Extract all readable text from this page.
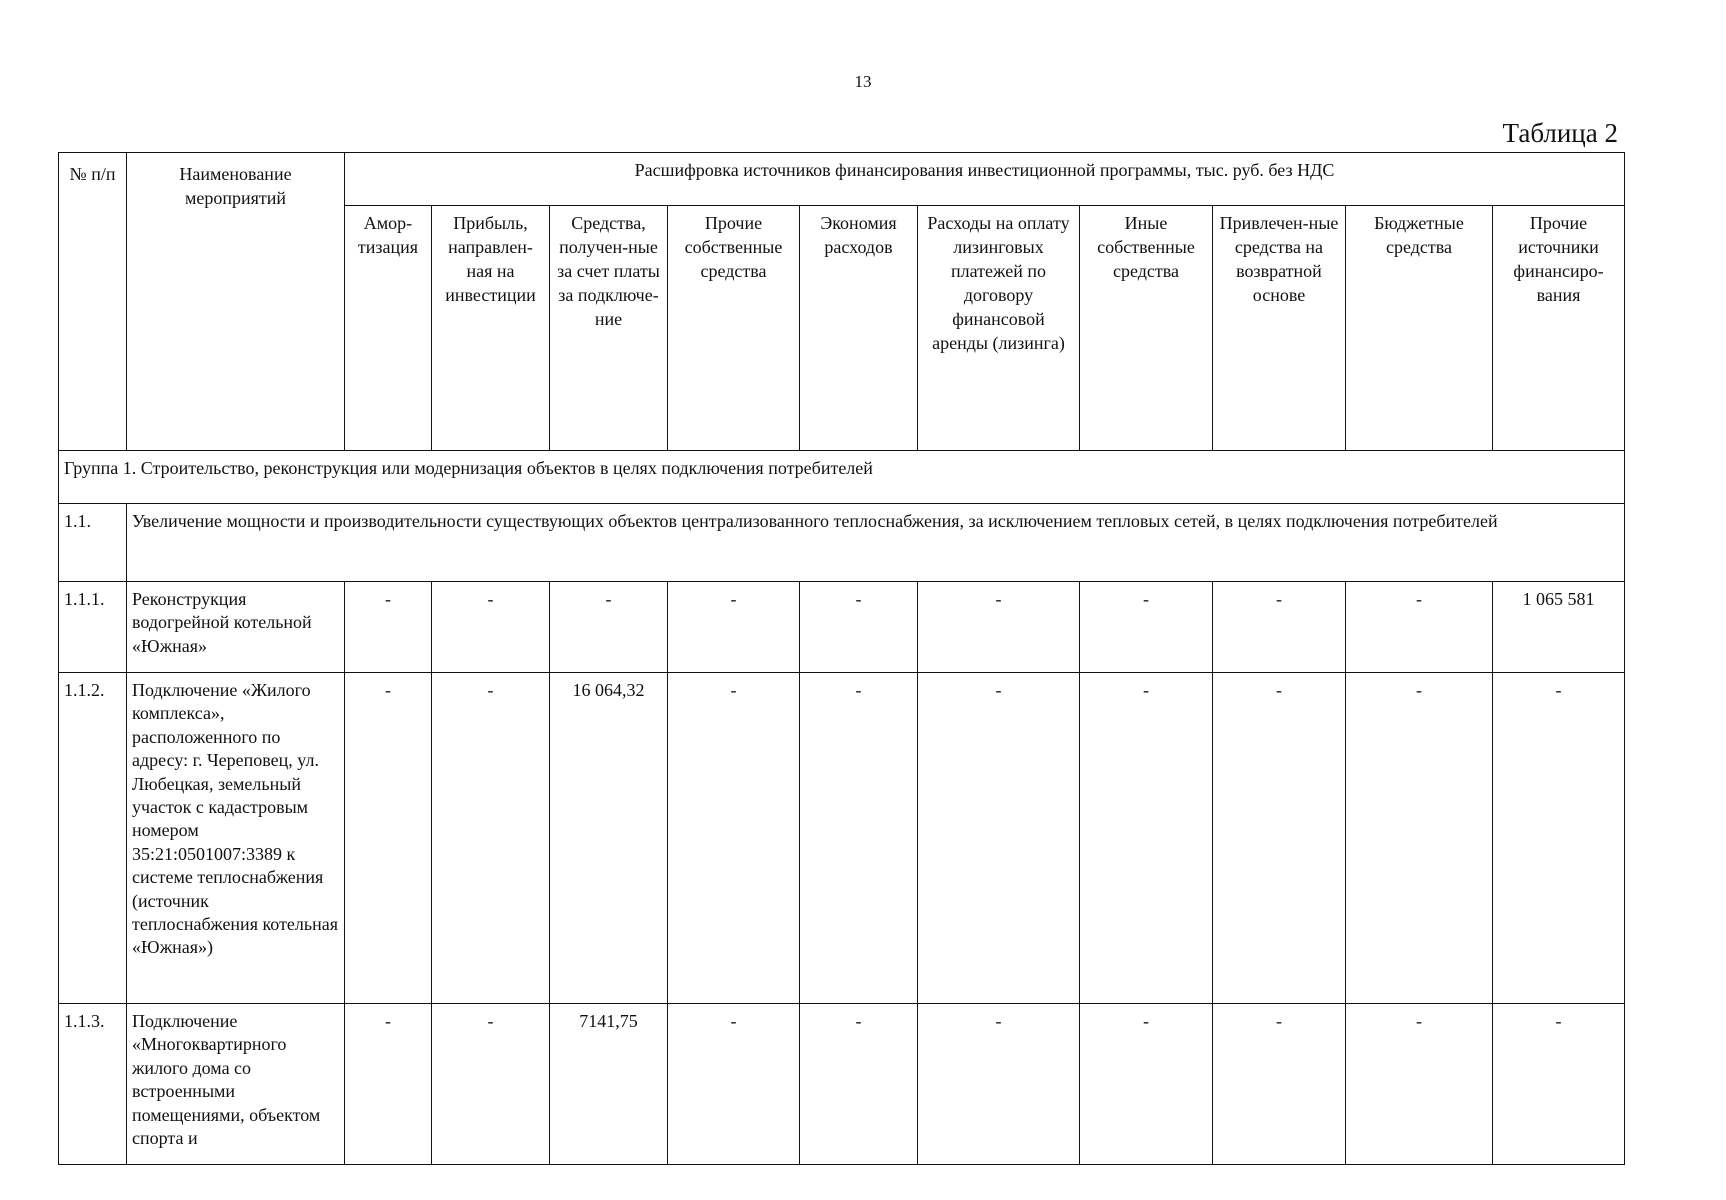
13
Таблица 2
№ п/п	Наименование мероприятий	Расшифровка источников финансирования инвестиционной программы, тыс. руб. без НДС									
		Амор-тизация	Прибыль, направлен-ная на инвестиции	Средства, получен-ные за счет платы за подключе-ние	Прочие собственные средства	Экономия расходов	Расходы на оплату лизинговых платежей по договору финансовой аренды (лизинга)	Иные собственные средства	Привлечен-ные средства на возвратной основе	Бюджетные средства	Прочие источники финансиро-вания
Группа 1. Строительство, реконструкция или модернизация объектов в целях подключения потребителей											
1.1.	Увеличение мощности и производительности существующих объектов централизованного теплоснабжения, за исключением тепловых сетей, в целях подключения потребителей										
1.1.1.	Реконструкция водогрейной котельной «Южная»	-	-	-	-	-	-	-	-	-	1 065 581
1.1.2.	Подключение «Жилого комплекса», расположенного по адресу: г. Череповец, ул. Любецкая, земельный участок с кадастровым номером 35:21:0501007:3389 к системе теплоснабжения (источник теплоснабжения котельная «Южная»)	-	-	16 064,32	-	-	-	-	-	-	-
1.1.3.	Подключение «Многоквартирного жилого дома со встроенными помещениями, объектом спорта и	-	-	7141,75	-	-	-	-	-	-	-
